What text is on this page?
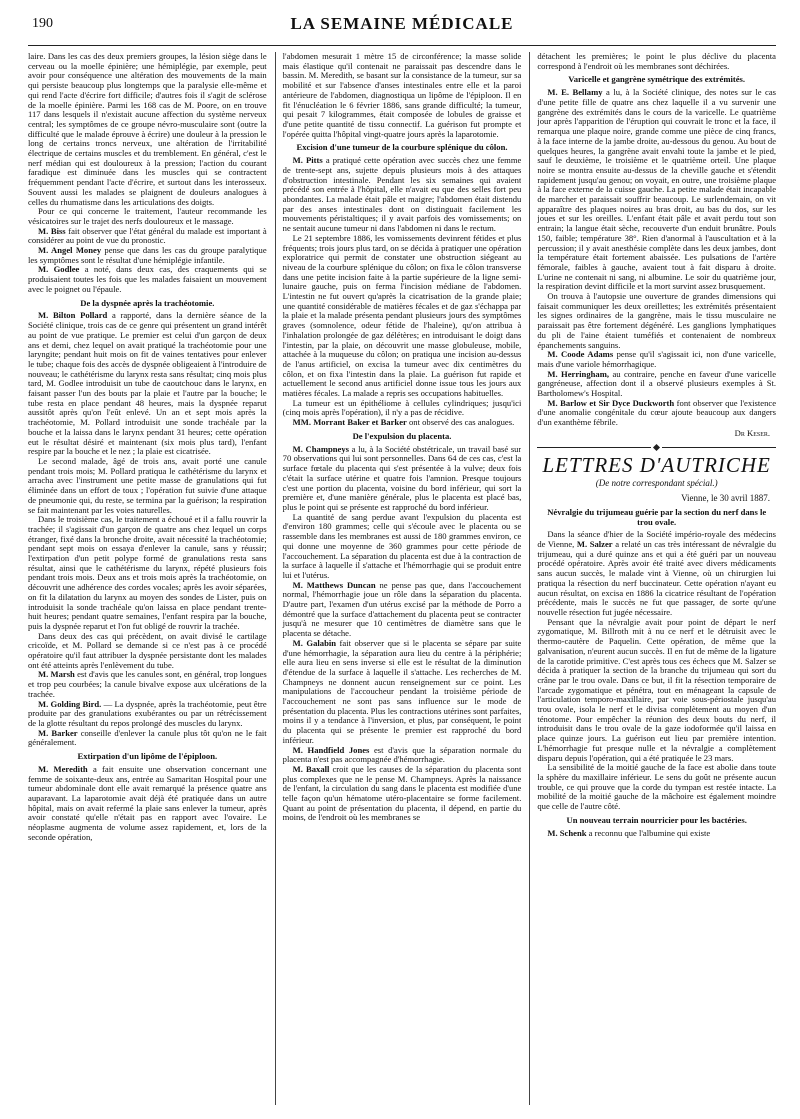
190	LA SEMAINE MÉDICALE

laire. Dans les cas des deux premiers groupes, la lésion siège dans le cerveau ou la moelle épinière; une hémiplégie, par exemple, peut avoir pour conséquence une altération des mouvements de la main qui persiste beaucoup plus longtemps que la paralysie elle-même et qui rend l'acte d'écrire fort difficile; d'autres fois il s'agit de sclérose de la moelle épinière. Parmi les 168 cas de M. Poore, on en trouve 117 dans lesquels il n'existait aucune affection du système nerveux central; les symptômes de ce groupe névro-musculaire sont (outre la difficulté que le malade éprouve à écrire) une douleur à la pression le long de certains troncs nerveux, une altération de l'irritabilité électrique de certains muscles et du tremblement. En général, c'est le nerf médian qui est douloureux à la pression; l'action du courant faradique est diminuée dans les muscles qui se contractent fréquemment pendant l'acte d'écrire, et surtout dans les interosseux. Souvent aussi les malades se plaignent de douleurs analogues à celles du rhumatisme dans les articulations des doigts.

Pour ce qui concerne le traitement, l'auteur recommande les vésicatoires sur le trajet des nerfs douloureux et le massage.

M. Biss fait observer que l'état général du malade est important à considérer au point de vue du pronostic.

M. Angel Money pense que dans les cas du groupe paralytique les symptômes sont le résultat d'une hémiplégie infantile.

M. Godlee a noté, dans deux cas, des craquements qui se produisaient toutes les fois que les malades faisaient un mouvement avec le poignet ou l'épaule.

De la dyspnée après la trachéotomie.

M. Bilton Pollard a rapporté, dans la dernière séance de la Société clinique, trois cas de ce genre qui présentent un grand intérêt au point de vue pratique. Le premier est celui d'un garçon de deux ans et demi, chez lequel on avait pratiqué la trachéotomie pour une laryngite; pendant huit mois on fit de vaines tentatives pour enlever le tube; chaque fois des accès de dyspnée obligeaient à l'introduire de nouveau; le cathétérisme du larynx resta sans résultat; cinq mois plus tard, M. Godlee introduisit un tube de caoutchouc dans le larynx, en faisant passer l'un des bouts par la plaie et l'autre par la bouche; le tube resta en place pendant 48 heures, mais la dyspnée reparut aussitôt après qu'on l'eût enlevé. Un an et sept mois après la trachéotomie, M. Pollard introduisit une sonde trachéale par la bouche et la laissa dans le larynx pendant 31 heures; cette opération eut le résultat désiré et maintenant (six mois plus tard), l'enfant respire par la bouche et le nez ; la plaie est cicatrisée.

Le second malade, âgé de trois ans, avait porté une canule pendant trois mois; M. Pollard pratiqua le cathétérisme du larynx et arracha avec l'instrument une petite masse de granulations qui fut éliminée dans un effort de toux ; l'opération fut suivie d'une attaque de pneumonie qui, du reste, se termina par la guérison; la respiration se fait maintenant par les voies naturelles.

Dans le troisième cas, le traitement a échoué et il a fallu rouvrir la trachée; il s'agissait d'un garçon de quatre ans chez lequel un corps étranger, fixé dans la bronche droite, avait nécessité la trachéotomie; pendant sept mois on essaya d'enlever la canule, sans y réussir; l'extirpation d'un petit polype formé de granulations resta sans résultat, ainsi que le cathétérisme du larynx, répété plusieurs fois pendant trois mois. Deux ans et trois mois après la trachéotomie, on découvrit une adhérence des cordes vocales; après les avoir séparées, on fit la dilatation du larynx au moyen des sondes de Lister, puis on introduisit la sonde trachéale qu'on laissa en place pendant trente-huit heures; pendant quatre semaines, l'enfant respira par la bouche, puis la dyspnée reparut et l'on fut obligé de rouvrir la trachée.

Dans deux des cas qui précèdent, on avait divisé le cartilage cricoïde, et M. Pollard se demande si ce n'est pas à ce procédé opératoire qu'il faut attribuer la dyspnée persistante dont les malades ont été atteints après l'enlèvement du tube.

M. Marsh est d'avis que les canules sont, en général, trop longues et trop peu courbées; la canule bivalve expose aux ulcérations de la trachée.

M. Golding Bird. — La dyspnée, après la trachéotomie, peut être produite par des granulations exubérantes ou par un rétrécissement de la glotte résultant du repos prolongé des muscles du larynx.

M. Barker conseille d'enlever la canule plus tôt qu'on ne le fait généralement.

Extirpation d'un lipôme de l'épiploon.

M. Meredith a fait ensuite une observation concernant une femme de soixante-deux ans, entrée au Samaritan Hospital pour une tumeur abdominale dont elle avait remarqué la présence quatre ans auparavant. La laparotomie avait déjà été pratiquée dans un autre hôpital, mais on avait refermé la plaie sans enlever la tumeur, après avoir constaté qu'elle n'était pas en rapport avec l'ovaire. Le néoplasme augmenta de volume assez rapidement, et, lors de la seconde opération,

l'abdomen mesurait 1 mètre 15 de circonférence; la masse solide mais élastique qu'il contenait ne paraissait pas descendre dans le bassin. M. Meredith, se basant sur la consistance de la tumeur, sur sa mobilité et sur l'absence d'anses intestinales entre elle et la paroi antérieure de l'abdomen, diagnostiqua un lipôme de l'épiploon. Il en fit l'énucléation le 6 février 1886, sans grande difficulté; la tumeur, qui pesait 7 kilogrammes, était composée de lobules de graisse et d'une petite quantité de tissu connectif. La guérison fut prompte et l'opérée quitta l'hôpital vingt-quatre jours après la laparotomie.

Excision d'une tumeur de la courbure splénique du côlon.

M. Pitts a pratiqué cette opération avec succès chez une femme de trente-sept ans, sujette depuis plusieurs mois à des attaques d'obstruction intestinale. Pendant les six semaines qui avaient précédé son entrée à l'hôpital, elle n'avait eu que des selles fort peu abondantes. La malade était pâle et maigre; l'abdomen était distendu par des anses intestinales dont on distinguait facilement les mouvements péristaltiques; il y avait parfois des vomissements; on ne sentait aucune tumeur ni dans l'abdomen ni dans le rectum.

Le 21 septembre 1886, les vomissements devinrent fétides et plus fréquents; trois jours plus tard, on se décida à pratiquer une opération exploratrice qui permit de constater une obstruction siégeant au niveau de la courbure splénique du côlon; on fixa le côlon transverse dans une petite incision faite à la partie supérieure de la ligne semi-lunaire gauche, puis on ferma l'incision médiane de l'abdomen. L'intestin ne fut ouvert qu'après la cicatrisation de la grande plaie; une quantité considérable de matières fécales et de gaz s'échappa par la plaie et la malade présenta pendant plusieurs jours des symptômes graves (somnolence, odeur fétide de l'haleine), qu'on attribua à l'inhalation prolongée de gaz délétères; en introduisant le doigt dans l'intestin, par la plaie, on découvrit une masse globuleuse, mobile, attachée à la muqueuse du côlon; on pratiqua une incision au-dessus de l'anus artificiel, on excisa la tumeur avec dix centimètres du côlon, et on fixa l'intestin dans la plaie. La guérison fut rapide et actuellement le second anus artificiel donne issue tous les jours aux matières fécales. La malade a repris ses occupations habituelles.

La tumeur est un épithéliome à cellules cylindriques; jusqu'ici (cinq mois après l'opération), il n'y a pas de récidive.

MM. Morrant Baker et Barker ont observé des cas analogues.

De l'expulsion du placenta.

M. Champneys a lu, à la Société obstétricale, un travail basé sur 70 observations qui lui sont personnelles. Dans 64 de ces cas, c'est la surface fœtale du placenta qui s'est présentée à la vulve; deux fois c'était la surface utérine et quatre fois l'amnion. Presque toujours c'est une portion du placenta, voisine du bord inférieur, qui sort la première et, d'une manière générale, plus le placenta est placé bas, plus le point qui se présente est rapproché du bord inférieur.

La quantité de sang perdue avant l'expulsion du placenta est d'environ 180 grammes; celle qui s'écoule avec le placenta ou se rassemble dans les membranes est aussi de 180 grammes environ, ce qui donne une moyenne de 360 grammes pour cette période de l'accouchement. La séparation du placenta est due à la contraction de la surface à laquelle il s'attache et l'hémorrhagie qui se produit entre lui et l'utérus.

M. Matthews Duncan ne pense pas que, dans l'accouchement normal, l'hémorrhagie joue un rôle dans la séparation du placenta. D'autre part, l'examen d'un utérus excisé par la méthode de Porro a démontré que la surface d'attachement du placenta peut se contracter jusqu'à ne mesurer que 10 centimètres de diamètre sans que le placenta se détache.

M. Galabin fait observer que si le placenta se sépare par suite d'une hémorrhagie, la séparation aura lieu du centre à la périphérie; elle aura lieu en sens inverse si elle est le résultat de la diminution d'étendue de la surface à laquelle il s'attache. Les recherches de M. Champneys ne donnent aucun renseignement sur ce point. Les manipulations de l'accoucheur pendant la troisième période de l'accouchement ne sont pas sans influence sur le mode de présentation du placenta. Plus les contractions utérines sont parfaites, moins il y a tendance à l'inversion, et plus, par conséquent, le point du placenta qui se présente le premier est rapproché du bord inférieur.

M. Handfield Jones est d'avis que la séparation normale du placenta n'est pas accompagnée d'hémorrhagie.

M. Baxall croit que les causes de la séparation du placenta sont plus complexes que ne le pense M. Champneys. Après la naissance de l'enfant, la circulation du sang dans le placenta est modifiée d'une telle façon qu'un hématome utéro-placentaire se forme facilement. Quant au point de présentation du placenta, il dépend, en partie du moins, de l'endroit où les membranes se

détachent les premières; le point le plus déclive du placenta correspond à l'endroit où les membranes sont déchirées.

Varicelle et gangrène symétrique des extrémités.

M. E. Bellamy a lu, à la Société clinique, des notes sur le cas d'une petite fille de quatre ans chez laquelle il a vu survenir une gangrène des extrémités dans le cours de la varicelle. Le quatrième jour après l'apparition de l'éruption qui couvrait le tronc et la face, il remarqua une plaque noire, grande comme une pièce de cinq francs, à la face interne de la jambe droite, au-dessous du genou. Au bout de quelques heures, la gangrène avait envahi toute la jambe et le pied, sauf le deuxième, le troisième et le quatrième orteil. Une plaque noire se montra ensuite au-dessus de la cheville gauche et s'étendit rapidement jusqu'au genou; on voyait, en outre, une troisième plaque à la face externe de la cuisse gauche. La petite malade était incapable de marcher et paraissait souffrir beaucoup. Le surlendemain, on vit apparaître des plaques noires au bras droit, au bas du dos, sur les joues et sur les oreilles. L'enfant était pâle et avait perdu tout son entrain; la langue était sèche, recouverte d'un enduit brunâtre. Pouls 150, faible; température 38°. Rien d'anormal à l'auscultation et à la percussion; il y avait anesthésie complète dans les deux jambes, dont la température était fortement abaissée. Les pulsations de l'artère fémorale, faibles à gauche, avaient tout à fait disparu à droite. L'urine ne contenait ni sang, ni albumine. Le soir du quatrième jour, la respiration devint difficile et la mort survint assez brusquement.

On trouva à l'autopsie une ouverture de grandes dimensions qui faisait communiquer les deux oreillettes; les extrémités présentaient les signes ordinaires de la gangrène, mais le tissu musculaire ne paraissait pas être fortement dégénéré. Les ganglions lymphatiques du pli de l'aine étaient tuméfiés et contenaient de nombreux épanchements sanguins.

M. Coode Adams pense qu'il s'agissait ici, non d'une varicelle, mais d'une variole hémorrhagique.

M. Herringham, au contraire, penche en faveur d'une varicelle gangréneuse, affection dont il a observé plusieurs exemples à St. Bartholomew's Hospital.

M. Barlow et Sir Dyce Duckworth font observer que l'existence d'une anomalie congénitale du cœur ajoute beaucoup aux dangers d'un exanthème fébrile.

Dr Keser.
LETTRES D'AUTRICHE
(De notre correspondant spécial.)
Vienne, le 30 avril 1887.
Névralgie du trijumeau guérie par la section du nerf dans le trou ovale.

Dans la séance d'hier de la Société império-royale des médecins de Vienne, M. Salzer a relaté un cas très intéressant de névralgie du trijumeau, qui a duré quinze ans et qui a été guéri par un nouveau procédé opératoire. Après avoir été traité avec divers médicaments sans aucun succès, le malade vint à Vienne, où un chirurgien lui pratiqua la résection du nerf buccinateur. Cette opération n'ayant eu aucun résultat, on excisa en 1886 la cicatrice résultant de l'opération précédente, mais le succès ne fut que passager, de sorte qu'une nouvelle résection fut jugée nécessaire.

Pensant que la névralgie avait pour point de départ le nerf zygomatique, M. Billroth mit à nu ce nerf et le détruisit avec le thermo-cautère de Paquelin. Cette opération, de même que la galvanisation, n'eurent aucun succès. Il en fut de même de la ligature de la carotide primitive. C'est après tous ces échecs que M. Salzer se décida à pratiquer la section de la branche du trijumeau qui sort du crâne par le trou ovale. Dans ce but, il fit la résection temporaire de l'arcade zygomatique et pénétra, tout en ménageant la capsule de l'articulation temporo-maxillaire, par voie sous-périostale jusqu'au trou ovale, isola le nerf et le divisa complètement au moyen d'un ténotome. Pour empêcher la réunion des deux bouts du nerf, il introduisit dans le trou ovale de la gaze iodoformée qu'il laissa en place quinze jours. La guérison eut lieu par première intention. L'hémorrhagie fut presque nulle et la névralgie a complètement disparu depuis l'opération, qui a été pratiquée le 23 mars.

La sensibilité de la moitié gauche de la face est abolie dans toute la sphère du maxillaire inférieur. Le sens du goût ne présente aucun trouble, ce qui prouve que la corde du tympan est restée intacte. La mobilité de la moitié gauche de la mâchoire est également moindre que celle de l'autre côté.

Un nouveau terrain nourricier pour les bactéries.

M. Schenk a reconnu que l'albumine qui existe
